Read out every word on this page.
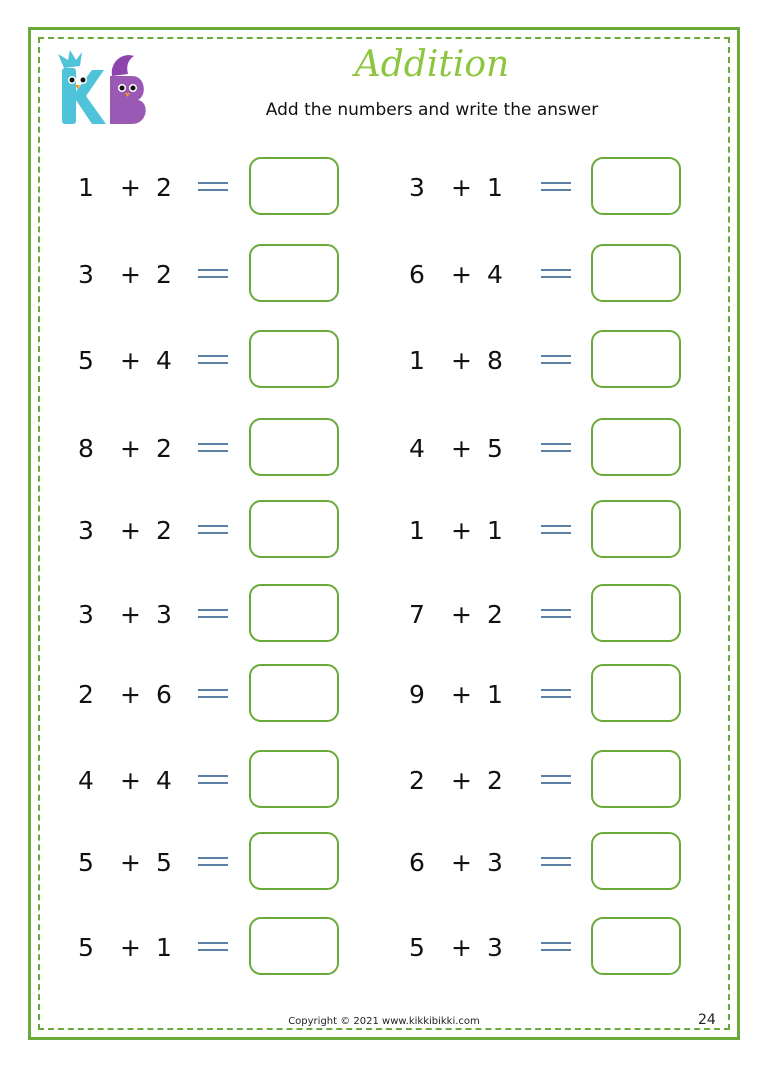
Addition
Add the numbers and write the answer
1 + 2
3 + 2
5 + 4
8 + 2
3 + 2
3 + 3
2 + 6
4 + 4
5 + 5
5 + 1
3 + 1
6 + 4
1 + 8
4 + 5
1 + 1
7 + 2
9 + 1
2 + 2
6 + 3
5 + 3
Copyright © 2021 www.kikkibikki.com	24
